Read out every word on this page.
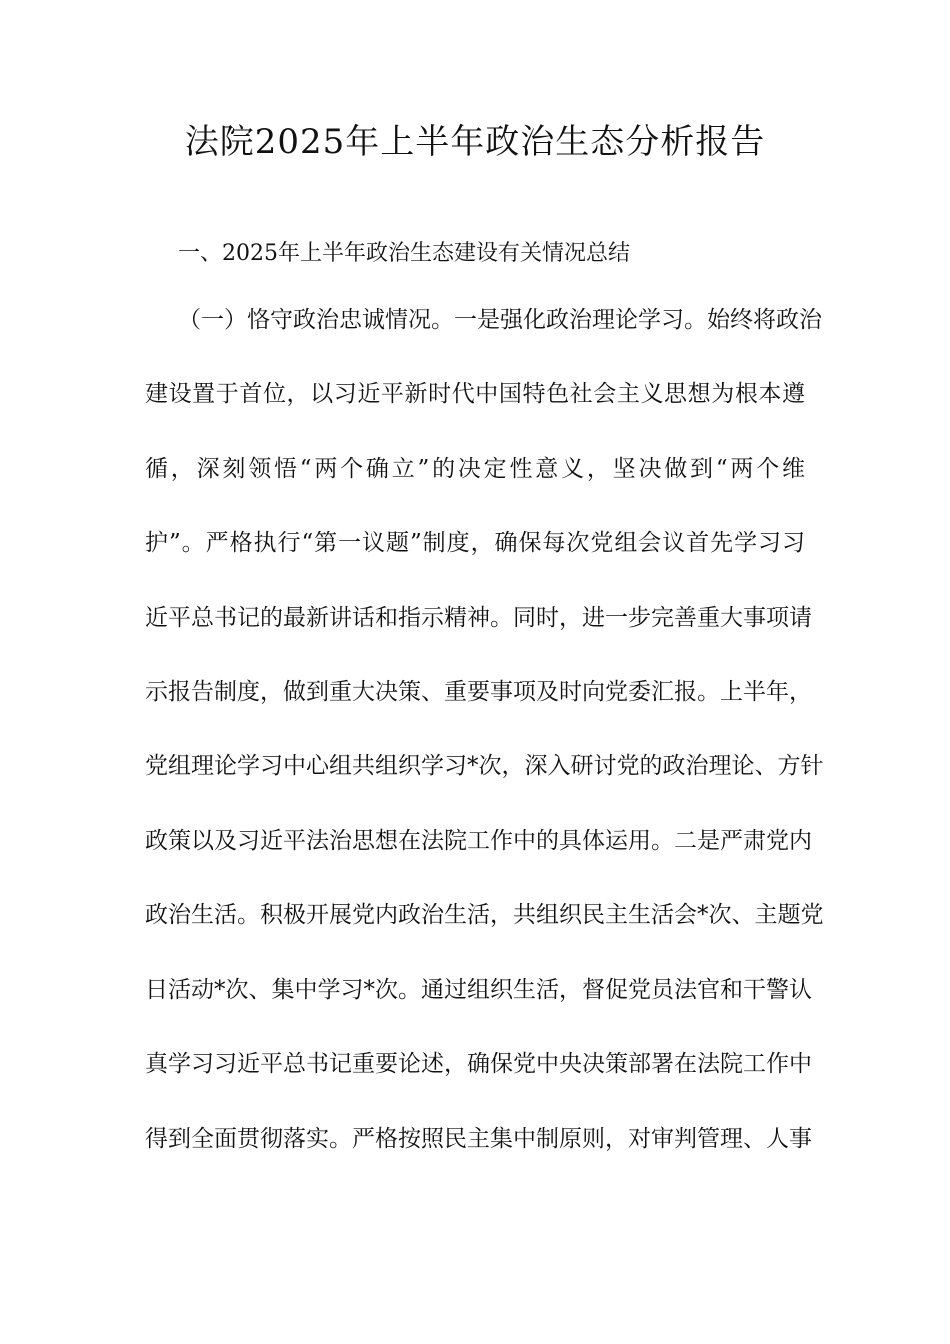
法院2025年上半年政治生态分析报告
一、2025年上半年政治生态建设有关情况总结
（一）恪守政治忠诚情况。一是强化政治理论学习。始终将政治
建设置于首位，以习近平新时代中国特色社会主义思想为根本遵
循，深刻领悟“两个确立”的决定性意义，坚决做到“两个维
护”。严格执行“第一议题”制度，确保每次党组会议首先学习习
近平总书记的最新讲话和指示精神。同时，进一步完善重大事项请
示报告制度，做到重大决策、重要事项及时向党委汇报。上半年，
党组理论学习中心组共组织学习*次，深入研讨党的政治理论、方针
政策以及习近平法治思想在法院工作中的具体运用。二是严肃党内
政治生活。积极开展党内政治生活，共组织民主生活会*次、主题党
日活动*次、集中学习*次。通过组织生活，督促党员法官和干警认
真学习习近平总书记重要论述，确保党中央决策部署在法院工作中
得到全面贯彻落实。严格按照民主集中制原则，对审判管理、人事
